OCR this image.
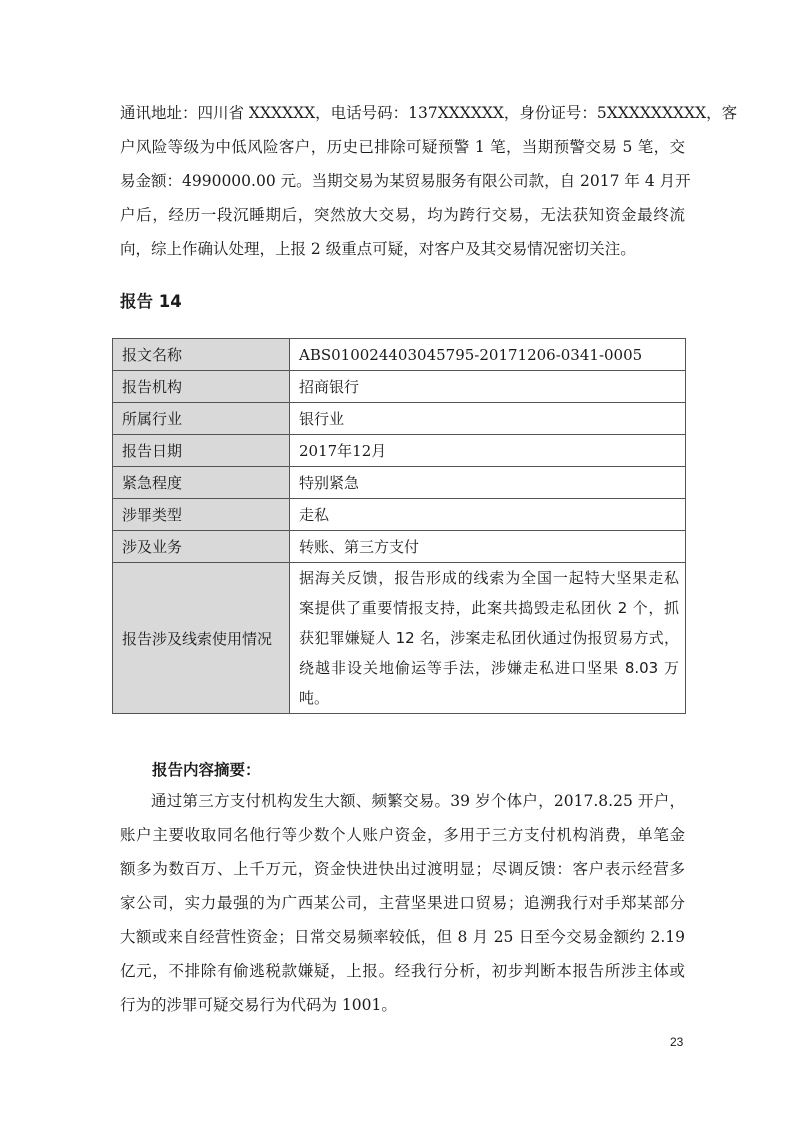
通讯地址：四川省 XXXXXX，电话号码：137XXXXXX，身份证号：5XXXXXXXXX，客
户风险等级为中低风险客户，历史已排除可疑预警 1 笔，当期预警交易 5 笔，交
易金额：4990000.00 元。当期交易为某贸易服务有限公司款，自 2017 年 4 月开
户后，经历一段沉睡期后，突然放大交易，均为跨行交易，无法获知资金最终流
向，综上作确认处理，上报 2 级重点可疑，对客户及其交易情况密切关注。
报告 14
报文名称	ABS010024403045795-20171206-0341-0005
报告机构	招商银行
所属行业	银行业
报告日期	2017年12月
紧急程度	特别紧急
涉罪类型	走私
涉及业务	转账、第三方支付
报告涉及线索使用情况	据海关反馈，报告形成的线索为全国一起特大坚果走私
案提供了重要情报支持，此案共捣毁走私团伙 2 个，抓
获犯罪嫌疑人 12 名，涉案走私团伙通过伪报贸易方式，
绕越非设关地偷运等手法，涉嫌走私进口坚果 8.03 万
吨。
报告内容摘要：
通过第三方支付机构发生大额、频繁交易。39 岁个体户，2017.8.25 开户，
账户主要收取同名他行等少数个人账户资金，多用于三方支付机构消费，单笔金
额多为数百万、上千万元，资金快进快出过渡明显；尽调反馈：客户表示经营多
家公司，实力最强的为广西某公司，主营坚果进口贸易；追溯我行对手郑某部分
大额或来自经营性资金；日常交易频率较低，但 8 月 25 日至今交易金额约 2.19
亿元，不排除有偷逃税款嫌疑，上报。经我行分析，初步判断本报告所涉主体或
行为的涉罪可疑交易行为代码为 1001。
23
